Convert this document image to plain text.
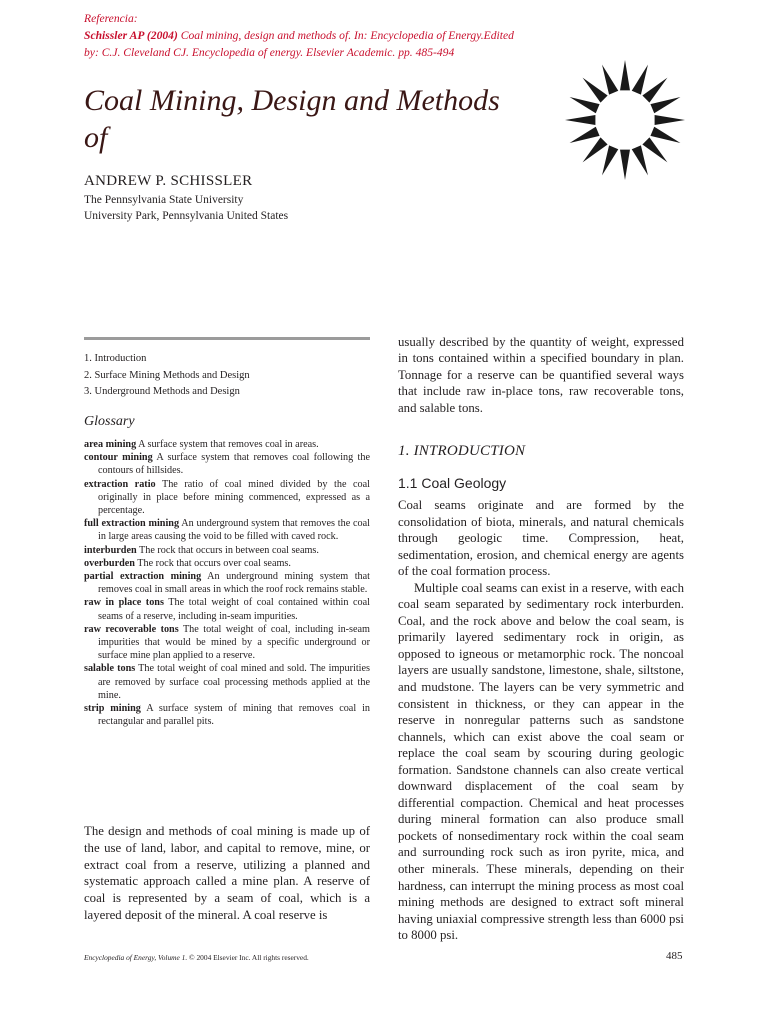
Referencia:
Schissler AP (2004) Coal mining, design and methods of. In: Encyclopedia of Energy.Edited by: C.J. Cleveland CJ. Encyclopedia of energy. Elsevier Academic. pp. 485-494
Coal Mining, Design and Methods of
ANDREW P. SCHISSLER
The Pennsylvania State University
University Park, Pennsylvania United States
1. Introduction
2. Surface Mining Methods and Design
3. Underground Methods and Design
Glossary
area mining A surface system that removes coal in areas.
contour mining A surface system that removes coal following the contours of hillsides.
extraction ratio The ratio of coal mined divided by the coal originally in place before mining commenced, expressed as a percentage.
full extraction mining An underground system that removes the coal in large areas causing the void to be filled with caved rock.
interburden The rock that occurs in between coal seams.
overburden The rock that occurs over coal seams.
partial extraction mining An underground mining system that removes coal in small areas in which the roof rock remains stable.
raw in place tons The total weight of coal contained within coal seams of a reserve, including in-seam impurities.
raw recoverable tons The total weight of coal, including in-seam impurities that would be mined by a specific underground or surface mine plan applied to a reserve.
salable tons The total weight of coal mined and sold. The impurities are removed by surface coal processing methods applied at the mine.
strip mining A surface system of mining that removes coal in rectangular and parallel pits.
The design and methods of coal mining is made up of the use of land, labor, and capital to remove, mine, or extract coal from a reserve, utilizing a planned and systematic approach called a mine plan. A reserve of coal is represented by a seam of coal, which is a layered deposit of the mineral. A coal reserve is
usually described by the quantity of weight, expressed in tons contained within a specified boundary in plan. Tonnage for a reserve can be quantified several ways that include raw in-place tons, raw recoverable tons, and salable tons.
1. INTRODUCTION
1.1 Coal Geology

Coal seams originate and are formed by the consolidation of biota, minerals, and natural chemicals through geologic time. Compression, heat, sedimentation, erosion, and chemical energy are agents of the coal formation process.

Multiple coal seams can exist in a reserve, with each coal seam separated by sedimentary rock interburden. Coal, and the rock above and below the coal seam, is primarily layered sedimentary rock in origin, as opposed to igneous or metamorphic rock. The noncoal layers are usually sandstone, limestone, shale, siltstone, and mudstone. The layers can be very symmetric and consistent in thickness, or they can appear in the reserve in nonregular patterns such as sandstone channels, which can exist above the coal seam or replace the coal seam by scouring during geologic formation. Sandstone channels can also create vertical downward displacement of the coal seam by differential compaction. Chemical and heat processes during mineral formation can also produce small pockets of nonsedimentary rock within the coal seam and surrounding rock such as iron pyrite, mica, and other minerals. These minerals, depending on their hardness, can interrupt the mining process as most coal mining methods are designed to extract soft mineral having uniaxial compressive strength less than 6000 psi to 8000 psi.

Encyclopedia of Energy, Volume 1. © 2004 Elsevier Inc. All rights reserved.	485
